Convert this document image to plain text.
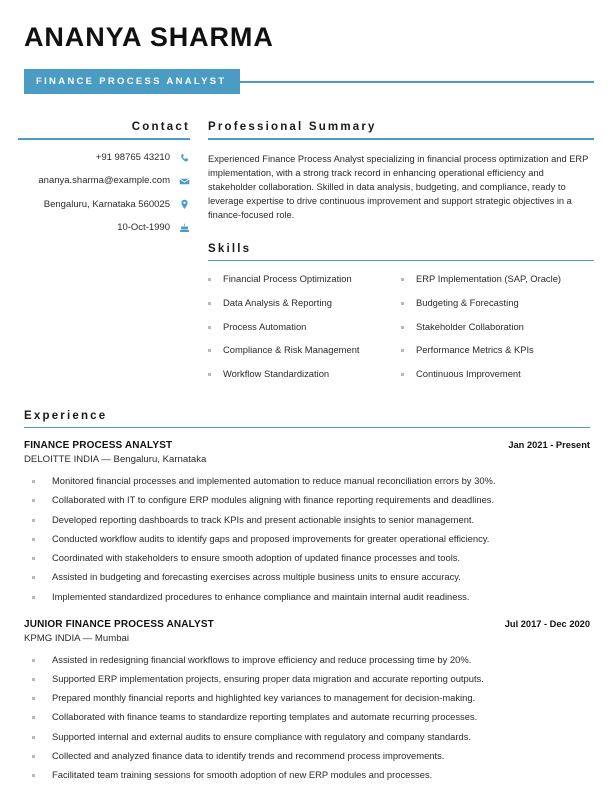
ANANYA SHARMA
FINANCE PROCESS ANALYST
Contact
+91 98765 43210
ananya.sharma@example.com
Bengaluru, Karnataka 560025
10-Oct-1990
Professional Summary
Experienced Finance Process Analyst specializing in financial process optimization and ERP implementation, with a strong track record in enhancing operational efficiency and stakeholder collaboration. Skilled in data analysis, budgeting, and compliance, ready to leverage expertise to drive continuous improvement and support strategic objectives in a finance-focused role.
Skills
Financial Process Optimization	ERP Implementation (SAP, Oracle)
Data Analysis & Reporting	Budgeting & Forecasting
Process Automation	Stakeholder Collaboration
Compliance & Risk Management	Performance Metrics & KPIs
Workflow Standardization	Continuous Improvement
Experience
FINANCE PROCESS ANALYST	Jan 2021 - Present
DELOITTE INDIA — Bengaluru, Karnataka
Monitored financial processes and implemented automation to reduce manual reconciliation errors by 30%.
Collaborated with IT to configure ERP modules aligning with finance reporting requirements and deadlines.
Developed reporting dashboards to track KPIs and present actionable insights to senior management.
Conducted workflow audits to identify gaps and proposed improvements for greater operational efficiency.
Coordinated with stakeholders to ensure smooth adoption of updated finance processes and tools.
Assisted in budgeting and forecasting exercises across multiple business units to ensure accuracy.
Implemented standardized procedures to enhance compliance and maintain internal audit readiness.
JUNIOR FINANCE PROCESS ANALYST	Jul 2017 - Dec 2020
KPMG INDIA — Mumbai
Assisted in redesigning financial workflows to improve efficiency and reduce processing time by 20%.
Supported ERP implementation projects, ensuring proper data migration and accurate reporting outputs.
Prepared monthly financial reports and highlighted key variances to management for decision-making.
Collaborated with finance teams to standardize reporting templates and automate recurring processes.
Supported internal and external audits to ensure compliance with regulatory and company standards.
Collected and analyzed finance data to identify trends and recommend process improvements.
Facilitated team training sessions for smooth adoption of new ERP modules and processes.
